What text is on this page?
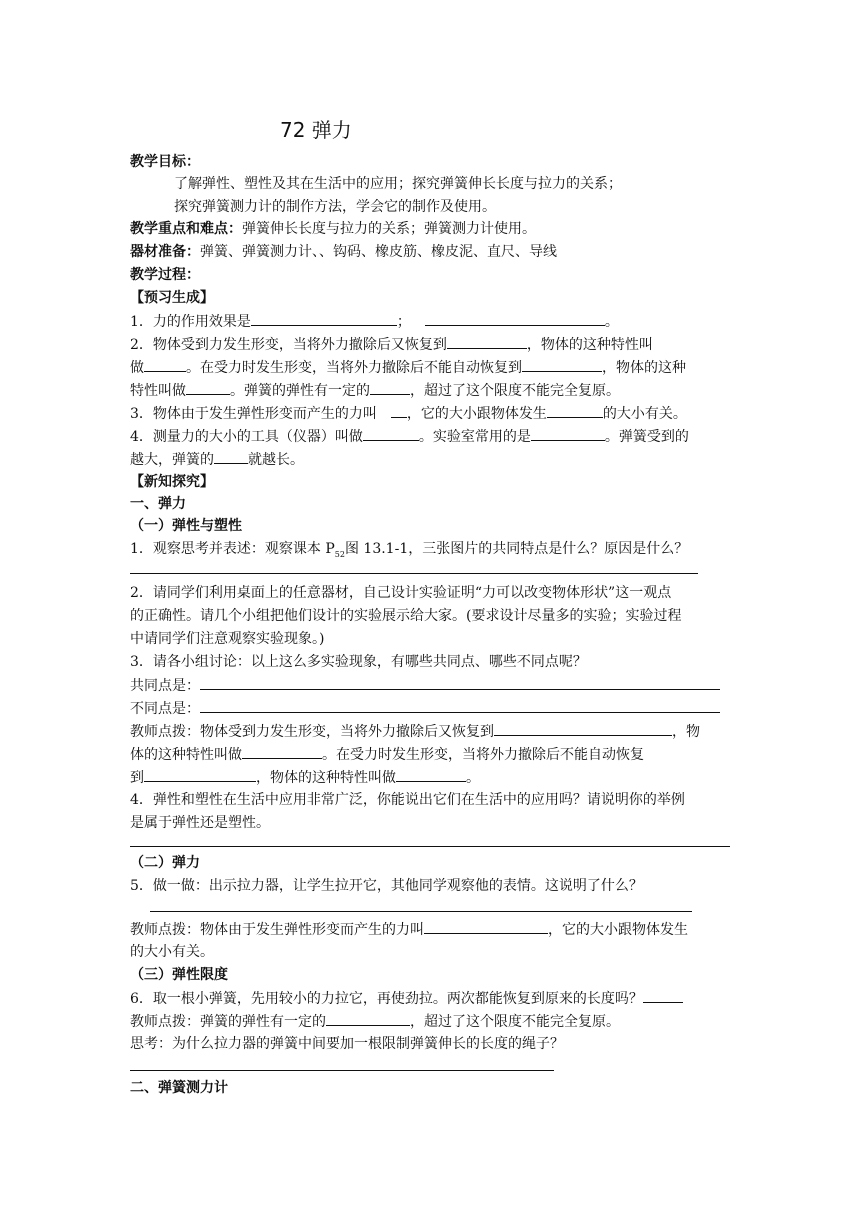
72 弹力
教学目标：
了解弹性、塑性及其在生活中的应用；探究弹簧伸长长度与拉力的关系；
探究弹簧测力计的制作方法，学会它的制作及使用。
教学重点和难点：弹簧伸长长度与拉力的关系；弹簧测力计使用。
器材准备：弹簧、弹簧测力计、、钩码、橡皮筋、橡皮泥、直尺、导线
教学过程：
【预习生成】
1．力的作用效果是	；	。
2．物体受到力发生形变，当将外力撤除后又恢复到	，物体的这种特性叫
做	。在受力时发生形变，当将外力撤除后不能自动恢复到	，物体的这种
特性叫做	。弹簧的弹性有一定的	，超过了这个限度不能完全复原。
3．物体由于发生弹性形变而产生的力叫 ，它的大小跟物体发生	的大小有关。
4．测量力的大小的工具（仪器）叫做	。实验室常用的是	。弹簧受到的
越大，弹簧的 就越长。
【新知探究】
一、弹力
（一）弹性与塑性
1．观察思考并表述：观察课本 $P_{52}$图 13.1-1，三张图片的共同特点是什么？原因是什么？
2．请同学们利用桌面上的任意器材，自己设计实验证明“力可以改变物体形状”这一观点
的正确性。请几个小组把他们设计的实验展示给大家。(要求设计尽量多的实验；实验过程
中请同学们注意观察实验现象。)
3．请各小组讨论：以上这么多实验现象，有哪些共同点、哪些不同点呢？
共同点是：
不同点是：
教师点拨：物体受到力发生形变，当将外力撤除后又恢复到	，物
体的这种特性叫做	。在受力时发生形变，当将外力撤除后不能自动恢复
到	，物体的这种特性叫做	。
4．弹性和塑性在生活中应用非常广泛，你能说出它们在生活中的应用吗？请说明你的举例
是属于弹性还是塑性。
（二）弹力
5．做一做：出示拉力器，让学生拉开它，其他同学观察他的表情。这说明了什么？
教师点拨：物体由于发生弹性形变而产生的力叫	，它的大小跟物体发生
的大小有关。
（三）弹性限度
6．取一根小弹簧，先用较小的力拉它，再使劲拉。两次都能恢复到原来的长度吗？
教师点拨：弹簧的弹性有一定的	，超过了这个限度不能完全复原。
思考：为什么拉力器的弹簧中间要加一根限制弹簧伸长的长度的绳子？
二、弹簧测力计
